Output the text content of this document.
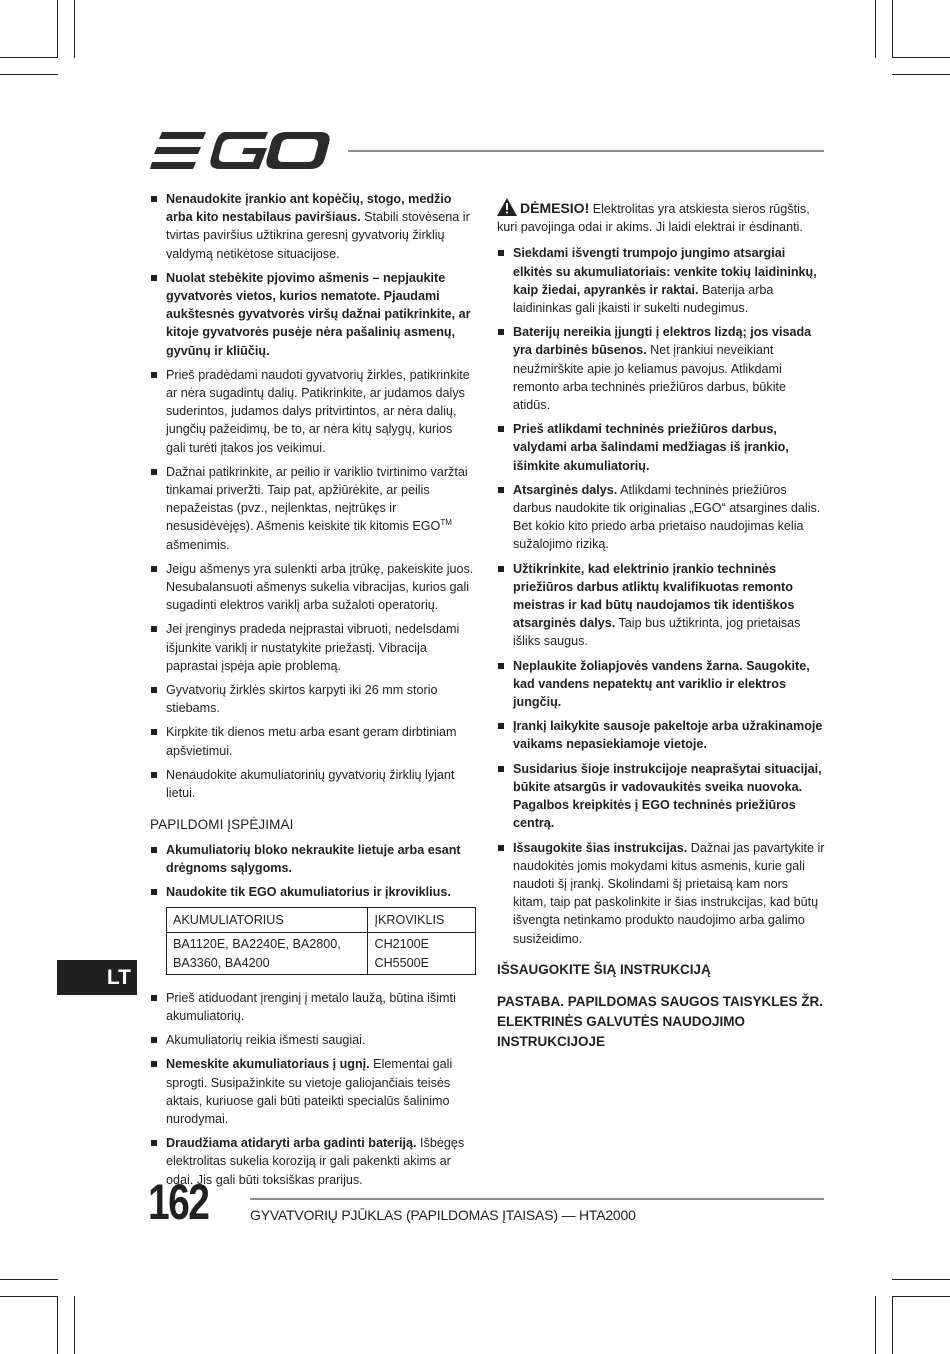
Nenaudokite įrankio ant kopėčių, stogo, medžio arba kito nestabilaus paviršiaus. Stabili stovėsena ir tvirtas paviršius užtikrina geresnį gyvatvorių žirklių valdymą netikėtose situacijose.
Nuolat stebėkite pjovimo ašmenis – nepjaukite gyvatvorės vietos, kurios nematote. Pjaudami aukštesnės gyvatvorės viršų dažnai patikrinkite, ar kitoje gyvatvorės pusėje nėra pašalinių asmenų, gyvūnų ir kliūčių.
Prieš pradėdami naudoti gyvatvorių žirkles, patikrinkite ar nėra sugadintų dalių. Patikrinkite, ar judamos dalys suderintos, judamos dalys pritvirtintos, ar nėra dalių, jungčių pažeidimų, be to, ar nėra kitų sąlygų, kurios gali turėti įtakos jos veikimui.
Dažnai patikrinkite, ar peilio ir variklio tvirtinimo varžtai tinkamai priveržti. Taip pat, apžiūrėkite, ar peilis nepažeistas (pvz., neįlenktas, neįtrūkęs ir nesusidėvėjęs). Ašmenis keiskite tik kitomis EGO™ ašmenimis.
Jeigu ašmenys yra sulenkti arba įtrūkę, pakeiskite juos. Nesubalansuoti ašmenys sukelia vibracijas, kurios gali sugadinti elektros variklį arba sužaloti operatorių.
Jei įrenginys pradeda neįprastai vibruoti, nedelsdami išjunkite variklį ir nustatykite priežastį. Vibracija paprastai įspėja apie problemą.
Gyvatvorių žirklės skirtos karpyti iki 26 mm storio stiebams.
Kirpkite tik dienos metu arba esant geram dirbtiniam apšvietimui.
Nenaudokite akumuliatorinių gyvatvorių žirklių lyjant lietui.
PAPILDOMI ĮSPĖJIMAI
Akumuliatorių bloko nekraukite lietuje arba esant drėgnoms sąlygoms.
Naudokite tik EGO akumuliatorius ir įkroviklius.
AKUMULIATORIUS	ĮKROVIKLIS
BA1120E, BA2240E, BA2800, BA3360, BA4200	CH2100E CH5500E
Prieš atiduodant įrenginį į metalo laužą, būtina išimti akumuliatorių.
Akumuliatorių reikia išmesti saugiai.
Nemeskite akumuliatoriaus į ugnį. Elementai gali sprogti. Susipažinkite su vietoje galiojančiais teisės aktais, kuriuose gali būti pateikti specialūs šalinimo nurodymai.
Draudžiama atidaryti arba gadinti bateriją. Išbėgęs elektrolitas sukelia koroziją ir gali pakenkti akims ar odai. Jis gali būti toksiškas prarijus.

DĖMESIO! Elektrolitas yra atskiesta sieros rūgštis, kuri pavojinga odai ir akims. Ji laidi elektrai ir ėsdinanti.

Siekdami išvengti trumpojo jungimo atsargiai elkitės su akumuliatoriais: venkite tokių laidininkų, kaip žiedai, apyrankės ir raktai. Baterija arba laidininkas gali įkaisti ir sukelti nudegimus.
Baterijų nereikia įjungti į elektros lizdą; jos visada yra darbinės būsenos. Net įrankiui neveikiant neužmirškite apie jo keliamus pavojus. Atlikdami remonto arba techninės priežiūros darbus, būkite atidūs.
Prieš atlikdami techninės priežiūros darbus, valydami arba šalindami medžiagas iš įrankio, išimkite akumuliatorių.
Atsarginės dalys. Atlikdami techninės priežiūros darbus naudokite tik originalias „EGO“ atsargines dalis. Bet kokio kito priedo arba prietaiso naudojimas kelia sužalojimo riziką.
Užtikrinkite, kad elektrinio įrankio techninės priežiūros darbus atliktų kvalifikuotas remonto meistras ir kad būtų naudojamos tik identiškos atsarginės dalys. Taip bus užtikrinta, jog prietaisas išliks saugus.
Neplaukite žoliapjovės vandens žarna. Saugokite, kad vandens nepatektų ant variklio ir elektros jungčių.
Įrankį laikykite sausoje pakeltoje arba užrakinamoje vaikams nepasiekiamoje vietoje.
Susidarius šioje instrukcijoje neaprašytai situacijai, būkite atsargūs ir vadovaukitės sveika nuovoka. Pagalbos kreipkitės į EGO techninės priežiūros centrą.
Išsaugokite šias instrukcijas. Dažnai jas pavartykite ir naudokitės jomis mokydami kitus asmenis, kurie gali naudoti šį įrankį. Skolindami šį prietaisą kam nors kitam, taip pat paskolinkite ir šias instrukcijas, kad būtų išvengta netinkamo produkto naudojimo arba galimo susižeidimo.
IŠSAUGOKITE ŠIĄ INSTRUKCIJĄ
PASTABA. PAPILDOMAS SAUGOS TAISYKLES ŽR. ELEKTRINĖS GALVUTĖS NAUDOJIMO INSTRUKCIJOJE
LT
162	GYVATVORIŲ PJŪKLAS (PAPILDOMAS ĮTAISAS) — HTA2000
